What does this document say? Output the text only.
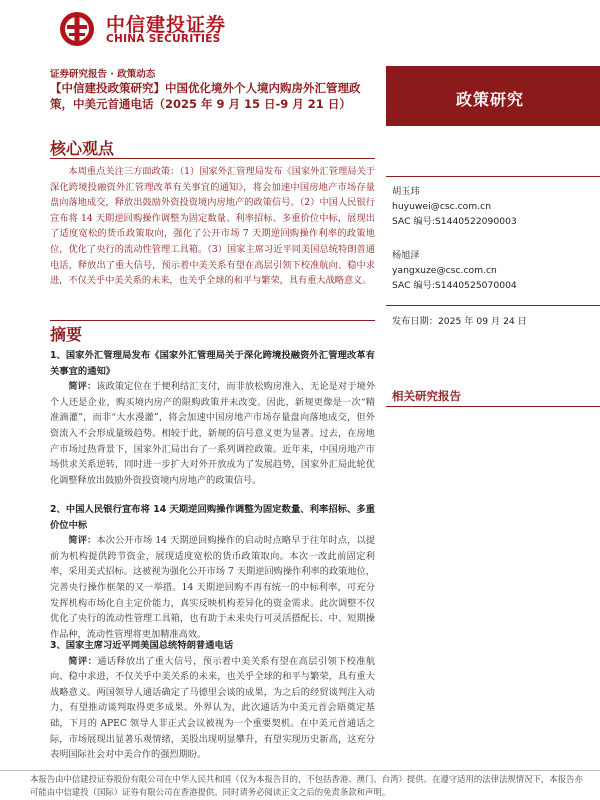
中信建投证券
CHINA SECURITIES
证券研究报告 · 政策动态
【中信建投政策研究】中国优化境外个人境内购房外汇管理政策，中美元首通电话（2025 年 9 月 15 日-9 月 21 日）	政策研究
核心观点
本周重点关注三方面政策：（1）国家外汇管理局发布《国家外汇管理局关于深化跨境投融资外汇管理改革有关事宜的通知》，将会加速中国房地产市场存量盘向落地成交，释放出鼓励外资投资境内房地产的政策信号。（2）中国人民银行宣布将 14 天期逆回购操作调整为固定数量、利率招标、多重价位中标，展现出了适度宽松的货币政策取向，强化了公开市场 7 天期逆回购操作利率的政策地位，优化了央行的流动性管理工具箱。（3）国家主席习近平同美国总统特朗普通电话，释放出了重大信号，预示着中美关系有望在高层引领下校准航向、稳中求进，不仅关乎中美关系的未来，也关乎全球的和平与繁荣，具有重大战略意义。
胡玉玮
huyuwei@csc.com.cn
SAC 编号:S1440522090003
杨旭泽
yangxuze@csc.com.cn
SAC 编号:S1440525070004
发布日期：2025 年 09 月 24 日
相关研究报告
摘要
1、国家外汇管理局发布《国家外汇管理局关于深化跨境投融资外汇管理改革有关事宜的通知》
简评：该政策定位在于便利结汇支付，而非放松购房准入，无论是对于境外个人还是企业，购买境内房产的限购政策并未改变。因此，新规更像是一次“精准滴灌”，而非“大水漫灌”，将会加速中国房地产市场存量盘向落地成交，但外资流入不会形成量级趋势。相较于此，新规的信号意义更为显著。过去，在房地产市场过热背景下，国家外汇局出台了一系列调控政策。近年来，中国房地产市场供求关系逆转，同时进一步扩大对外开放成为了发展趋势，国家外汇局此轮优化调整释放出鼓励外资投资境内房地产的政策信号。
2、中国人民银行宣布将 14 天期逆回购操作调整为固定数量、利率招标、多重价位中标
简评：本次公开市场 14 天期逆回购操作的启动时点略早于往年时点，以提前为机构提供跨节资金，展现适度宽松的货币政策取向。本次一改此前固定利率，采用美式招标。这被视为强化公开市场 7 天期逆回购操作利率的政策地位，完善央行操作框架的又一举措。14 天期逆回购不再有统一的中标利率，可充分发挥机构市场化自主定价能力，真实反映机构差异化的资金需求。此次调整不仅优化了央行的流动性管理工具箱，也有助于未来央行可灵活搭配长、中、短期操作品种，流动性管理将更加精准高效。
3、国家主席习近平同美国总统特朗普通电话
简评：通话释放出了重大信号，预示着中美关系有望在高层引领下校准航向、稳中求进，不仅关乎中美关系的未来，也关乎全球的和平与繁荣，具有重大战略意义。两国领导人通话确定了马德里会谈的成果，为之后的经贸谈判注入动力，有望推动谈判取得更多成果。外界认为，此次通话为中美元首会晤奠定基础，下月的 APEC 领导人非正式会议被视为一个重要契机。在中美元首通话之际，市场展现出显著乐观情绪，美股出现明显攀升，有望实现历史新高，这充分表明国际社会对中美合作的强烈期盼。
本报告由中信建投证券股份有限公司在中华人民共和国（仅为本报告目的，不包括香港、澳门、台湾）提供。在遵守适用的法律法规情况下，本报告亦可能由中信建投（国际）证券有限公司在香港提供。同时请务必阅读正文之后的免责条款和声明。
